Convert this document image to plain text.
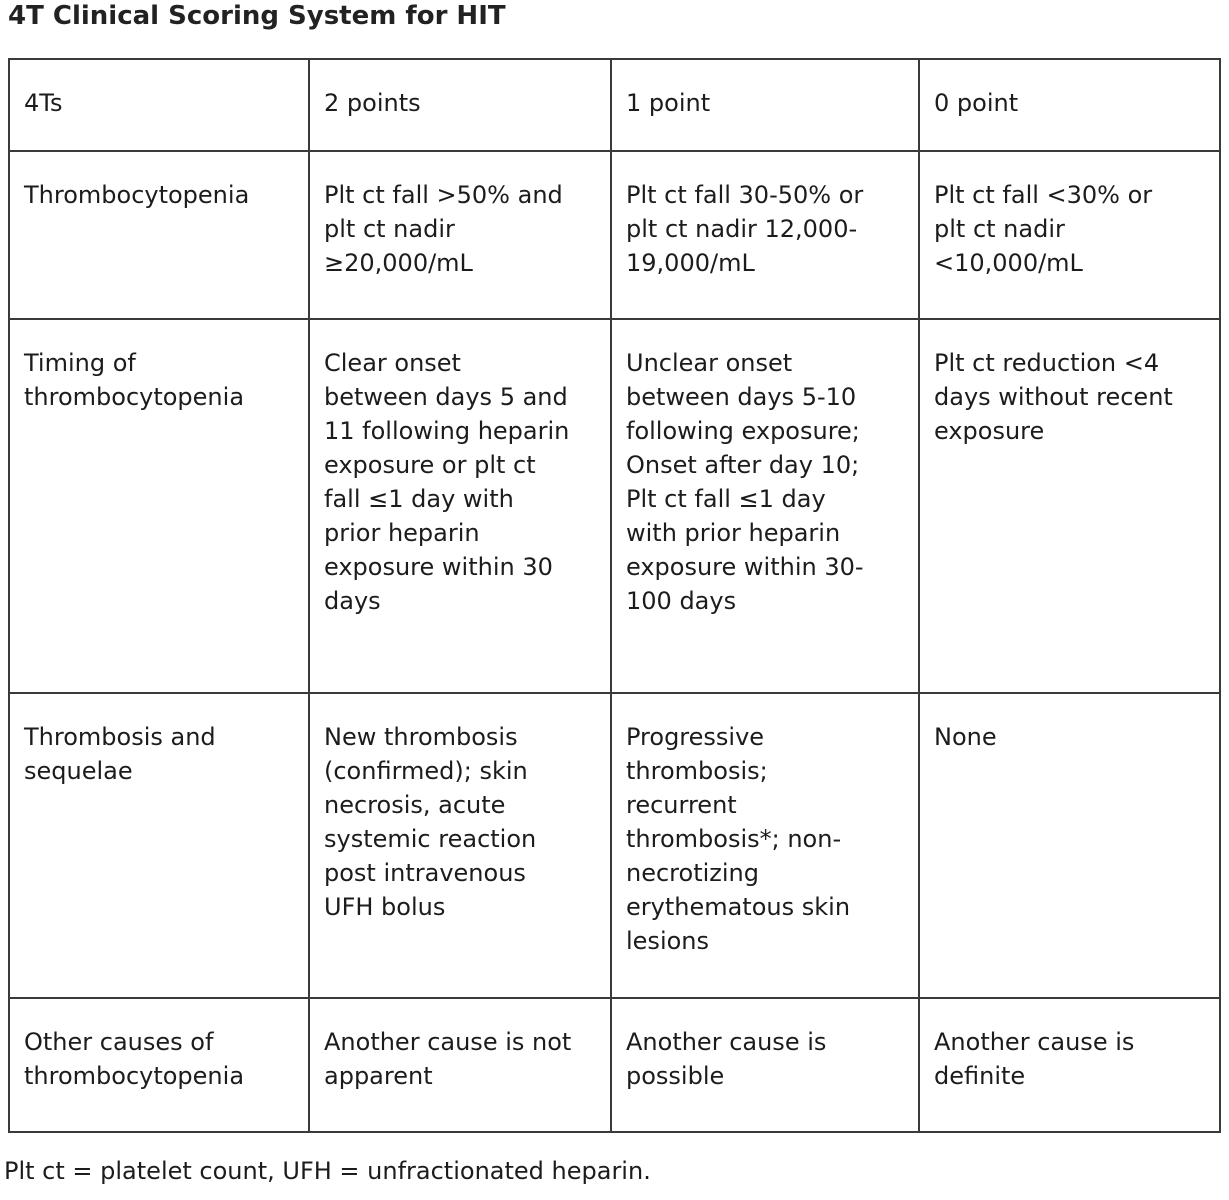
4T Clinical Scoring System for HIT
4Ts	2 points	1 point	0 point
Thrombocytopenia	Plt ct fall >50% and plt ct nadir ≥20,000/mL	Plt ct fall 30-50% or plt ct nadir 12,000-19,000/mL	Plt ct fall <30% or plt ct nadir <10,000/mL
Timing of thrombocytopenia	Clear onset between days 5 and 11 following heparin exposure or plt ct fall ≤1 day with prior heparin exposure within 30 days	Unclear onset between days 5-10 following exposure; Onset after day 10; Plt ct fall ≤1 day with prior heparin exposure within 30-100 days	Plt ct reduction <4 days without recent exposure
Thrombosis and sequelae	New thrombosis (confirmed); skin necrosis, acute systemic reaction post intravenous UFH bolus	Progressive thrombosis; recurrent thrombosis*; non-necrotizing erythematous skin lesions	None
Other causes of thrombocytopenia	Another cause is not apparent	Another cause is possible	Another cause is definite
Plt ct = platelet count, UFH = unfractionated heparin.
